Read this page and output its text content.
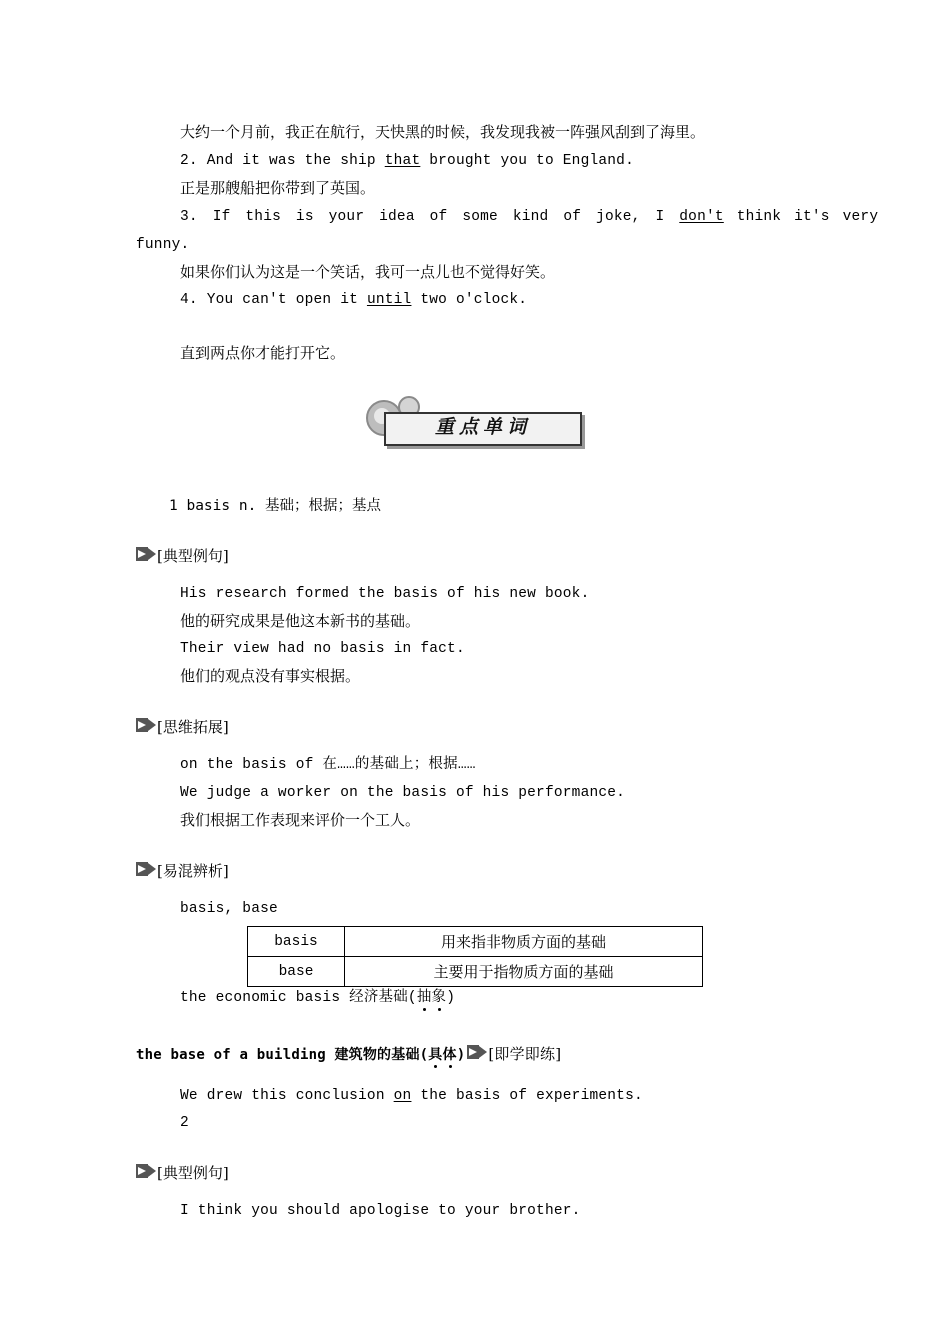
大约一个月前，我正在航行，天快黑的时候，我发现我被一阵强风刮到了海里。
2. And it was the ship that brought you to England.
正是那艘船把你带到了英国。
3. If this is your idea of some kind of joke, I don't think it's very
funny.
如果你们认为这是一个笑话，我可一点儿也不觉得好笑。
4. You can't open it until two o'clock.
直到两点你才能打开它。
重点单词
1 basis n. 基础；根据；基点
[典型例句]
His research formed the basis of his new book.
他的研究成果是他这本新书的基础。
Their view had no basis in fact.
他们的观点没有事实根据。
[思维拓展]
on the basis of 在……的基础上；根据……
We judge a worker on the basis of his performance.
我们根据工作表现来评价一个工人。
[易混辨析]
basis, base
basis	用来指非物质方面的基础
base	主要用于指物质方面的基础
the economic basis 经济基础(抽象)
the base of a building 建筑物的基础(具体) [即学即练]
We drew this conclusion on the basis of experiments.
2
[典型例句]
I think you should apologise to your brother.
